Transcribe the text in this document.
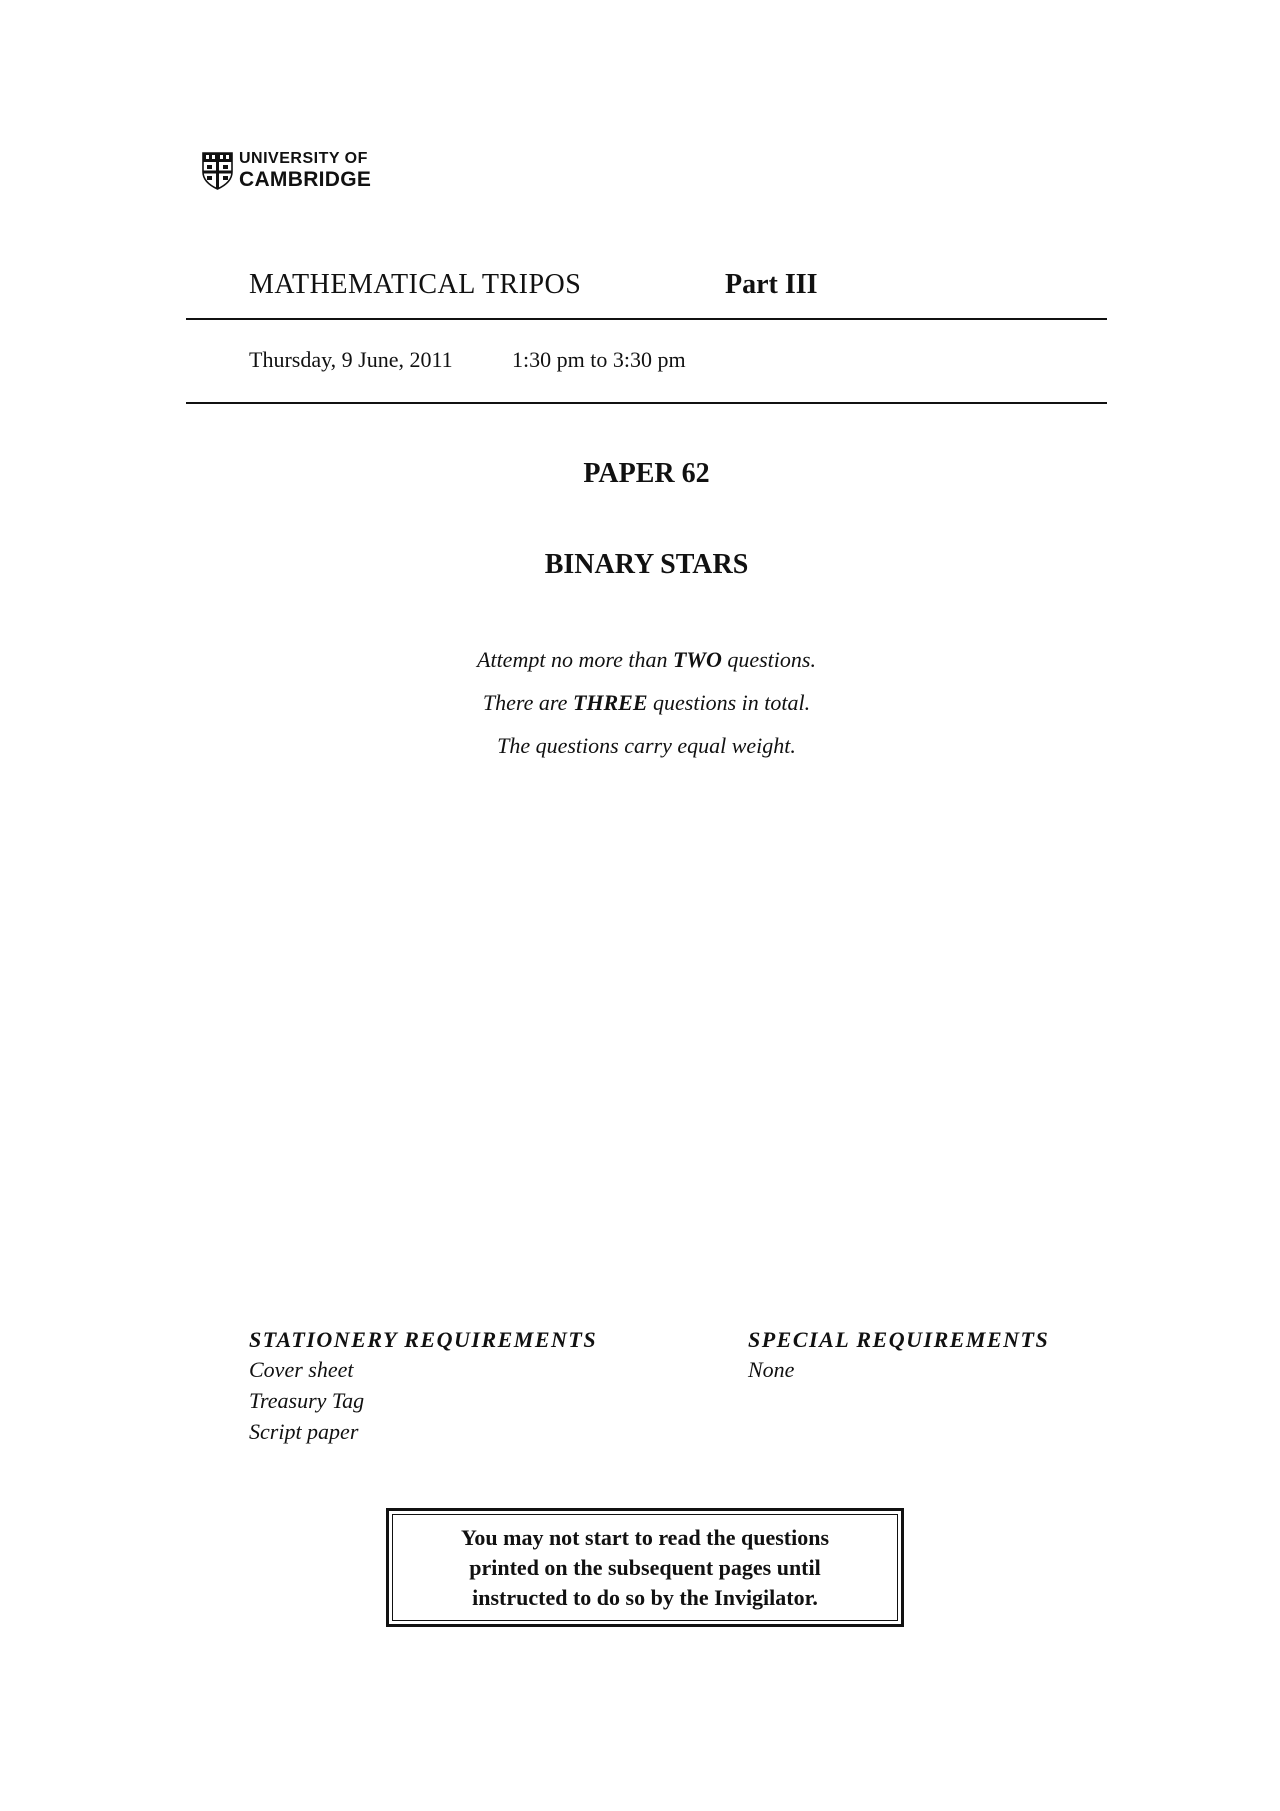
UNIVERSITY OF
CAMBRIDGE
MATHEMATICAL TRIPOS	Part III
Thursday, 9 June, 2011	1:30 pm to 3:30 pm
PAPER 62
BINARY STARS
Attempt no more than TWO questions.
There are THREE questions in total.
The questions carry equal weight.
STATIONERY REQUIREMENTS	SPECIAL REQUIREMENTS
Cover sheet
Treasury Tag
Script paper
None
You may not start to read the questions
printed on the subsequent pages until
instructed to do so by the Invigilator.
